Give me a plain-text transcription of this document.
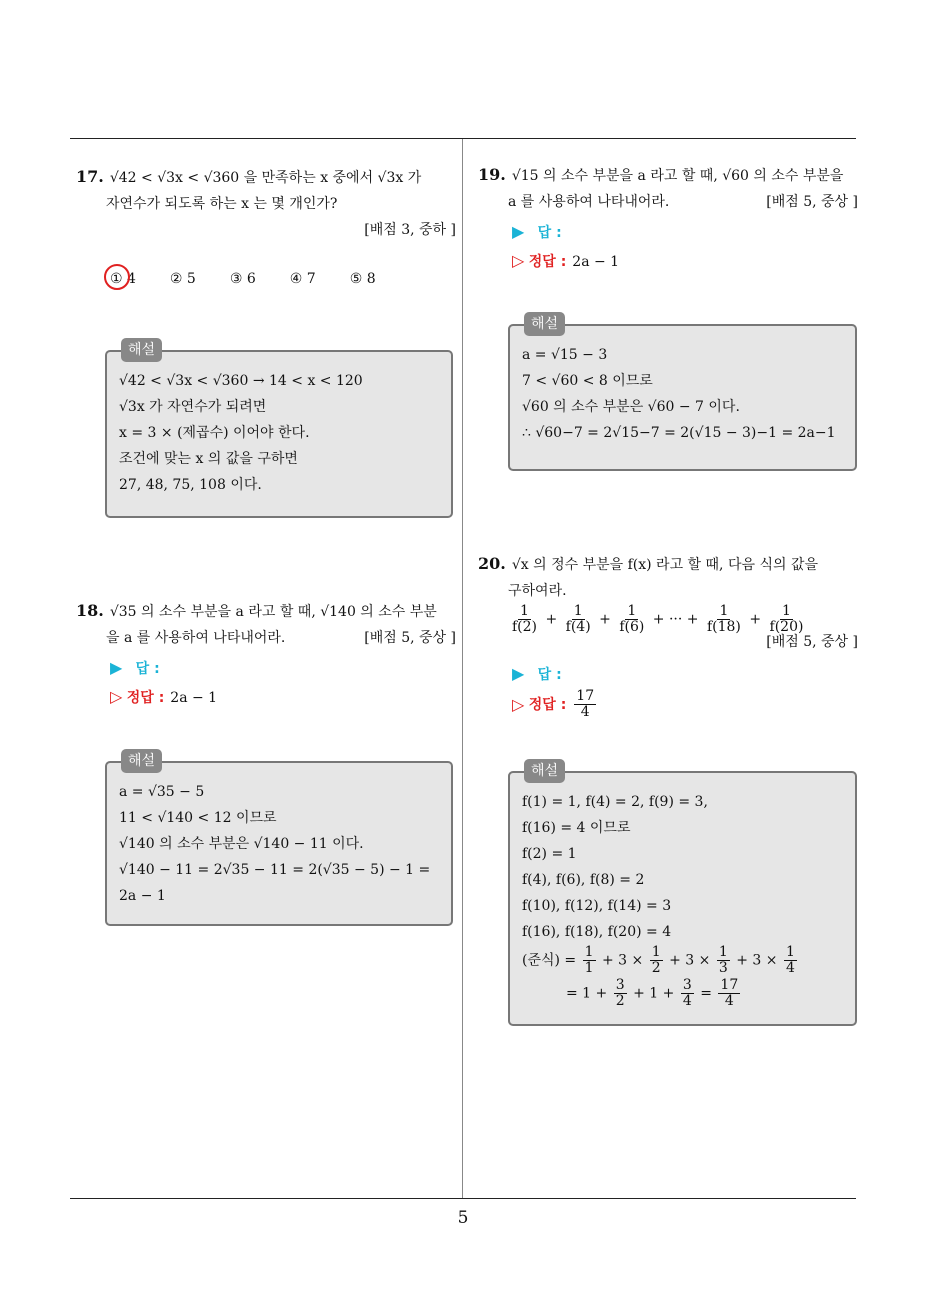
5
17. √42 < √3x < √360 을 만족하는 x 중에서 √3x 가
자연수가 되도록 하는 x 는 몇 개인가?
[배점 3, 중하 ]
① 4 ② 5 ③ 6 ④ 7 ⑤ 8
해설
√42 < √3x < √360 → 14 < x < 120
√3x 가 자연수가 되려면
x = 3 × (제곱수) 이어야 한다.
조건에 맞는 x 의 값을 구하면
27, 48, 75, 108 이다.
18. √35 의 소수 부분을 a 라고 할 때, √140 의 소수 부분
을 a 를 사용하여 나타내어라.	[배점 5, 중상 ]
▶ 답 :
▷ 정답 : 2a − 1
해설
a = √35 − 5
11 < √140 < 12 이므로
√140 의 소수 부분은 √140 − 11 이다.
√140 − 11 = 2√35 − 11 = 2(√35 − 5) − 1 =
2a − 1
19. √15 의 소수 부분을 a 라고 할 때, √60 의 소수 부분을
a 를 사용하여 나타내어라.	[배점 5, 중상 ]
▶ 답 :
▷ 정답 : 2a − 1
해설
a = √15 − 3
7 < √60 < 8 이므로
√60 의 소수 부분은 √60 − 7 이다.
∴ √60−7 = 2√15−7 = 2(√15 − 3)−1 = 2a−1
20. √x 의 정수 부분을 f(x) 라고 할 때, 다음 식의 값을
구하여라.
$\frac{1}{f(2)} + \frac{1}{f(4)} + \frac{1}{f(6)}$ + ··· + $\frac{1}{f(18)} + \frac{1}{f(20)}$
[배점 5, 중상 ]
▶ 답 :
▷
정답 : $\frac{17}{4}$
해설
f(1) = 1, f(4) = 2, f(9) = 3,
f(16) = 4 이므로
f(2) = 1
f(4), f(6), f(8) = 2
f(10), f(12), f(14) = 3
f(16), f(18), f(20) = 4
(준식) = $\frac{1}{1} + 3 \times \frac{1}{2} + 3 \times \frac{1}{3} + 3 \times \frac{1}{4}$
= $1 + \frac{3}{2} + 1 + \frac{3}{4} = \frac{17}{4}$
